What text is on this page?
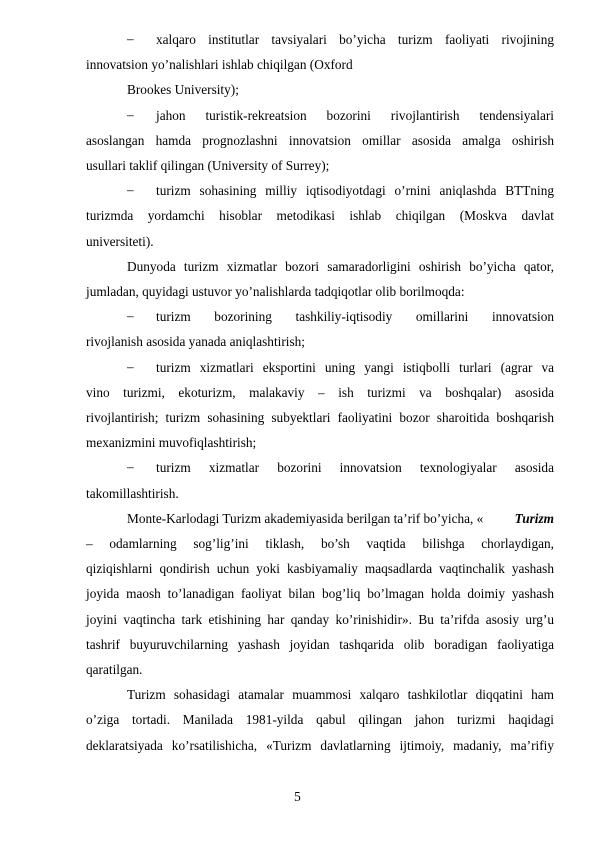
– xalqaro institutlar tavsiyalari bo’yicha turizm faoliyati rivojining
innovatsion yo’nalishlari ishlab chiqilgan (Oxford
Brookes University);
– jahon turistik-rekreatsion bozorini rivojlantirish tendensiyalari
asoslangan hamda prognozlashni innovatsion omillar asosida amalga oshirish
usullari taklif qilingan (University of Surrey);
– turizm sohasining milliy iqtisodiyotdagi o’rnini aniqlashda BTTning
turizmda yordamchi hisoblar metodikasi ishlab chiqilgan (Moskva davlat
universiteti).
Dunyoda turizm xizmatlar bozori samaradorligini oshirish bo’yicha qator,
jumladan, quyidagi ustuvor yo’nalishlarda tadqiqotlar olib borilmoqda:
– turizm bozorining tashkiliy-iqtisodiy omillarini innovatsion
rivojlanish asosida yanada aniqlashtirish;
– turizm xizmatlari eksportini uning yangi istiqbolli turlari (agrar va
vino turizmi, ekoturizm, malakaviy – ish turizmi va boshqalar) asosida
rivojlantirish; turizm sohasining subyektlari faoliyatini bozor sharoitida boshqarish
mexanizmini muvofiqlashtirish;
– turizm xizmatlar bozorini innovatsion texnologiyalar asosida
takomillashtirish.
Monte-Karlodagi Turizm akademiyasida berilgan ta’rif bo’yicha, « Turizm
– odamlarning sog’lig’ini tiklash, bo’sh vaqtida bilishga chorlaydigan,
qiziqishlarni qondirish uchun yoki kasbiyamaliy maqsadlarda vaqtinchalik yashash
joyida maosh to’lanadigan faoliyat bilan bog’liq bo’lmagan holda doimiy yashash
joyini vaqtincha tark etishining har qanday ko’rinishidir». Bu ta’rifda asosiy urg’u
tashrif buyuruvchilarning yashash joyidan tashqarida olib boradigan faoliyatiga
qaratilgan.
Turizm sohasidagi atamalar muammosi xalqaro tashkilotlar diqqatini ham
o’ziga tortadi. Manilada 1981-yilda qabul qilingan jahon turizmi haqidagi
deklaratsiyada ko’rsatilishicha, «Turizm davlatlarning ijtimoiy, madaniy, ma’rifiy
5
